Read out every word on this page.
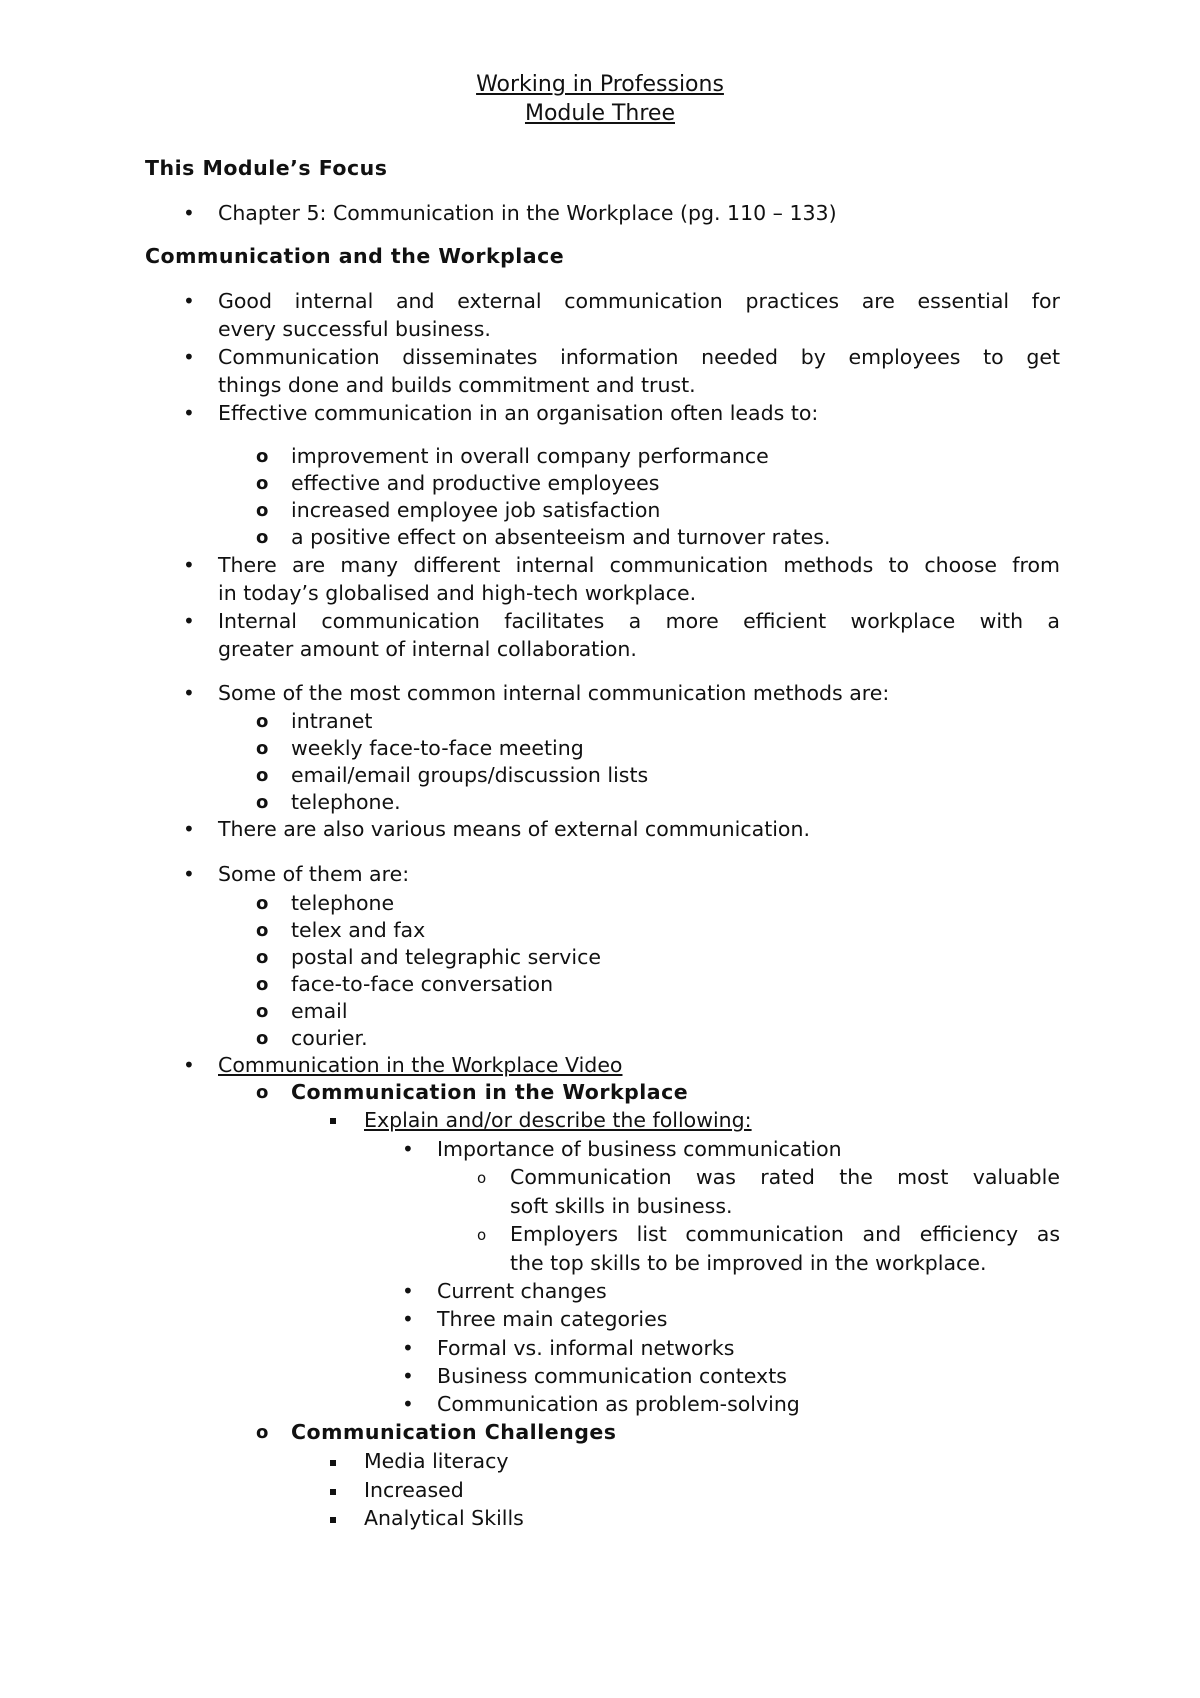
Working in Professions
Module Three
This Module’s Focus
• Chapter 5: Communication in the Workplace (pg. 110 – 133)
Communication and the Workplace
• Good internal and external communication practices are essential for
every successful business.
• Communication disseminates information needed by employees to get
things done and builds commitment and trust.
• Effective communication in an organisation often leads to:
o improvement in overall company performance
o effective and productive employees
o increased employee job satisfaction
o a positive effect on absenteeism and turnover rates.
• There are many different internal communication methods to choose from
in today’s globalised and high-tech workplace.
• Internal communication facilitates a more efficient workplace with a
greater amount of internal collaboration.
• Some of the most common internal communication methods are:
o intranet
o weekly face-to-face meeting
o email/email groups/discussion lists
o telephone.
• There are also various means of external communication.
• Some of them are:
o telephone
o telex and fax
o postal and telegraphic service
o face-to-face conversation
o email
o courier.
• Communication in the Workplace Video
o Communication in the Workplace
Explain and/or describe the following:
• Importance of business communication
o Communication was rated the most valuable
soft skills in business.
o Employers list communication and efficiency as
the top skills to be improved in the workplace.
• Current changes
• Three main categories
• Formal vs. informal networks
• Business communication contexts
• Communication as problem-solving
o Communication Challenges
Media literacy
Increased
Analytical Skills
